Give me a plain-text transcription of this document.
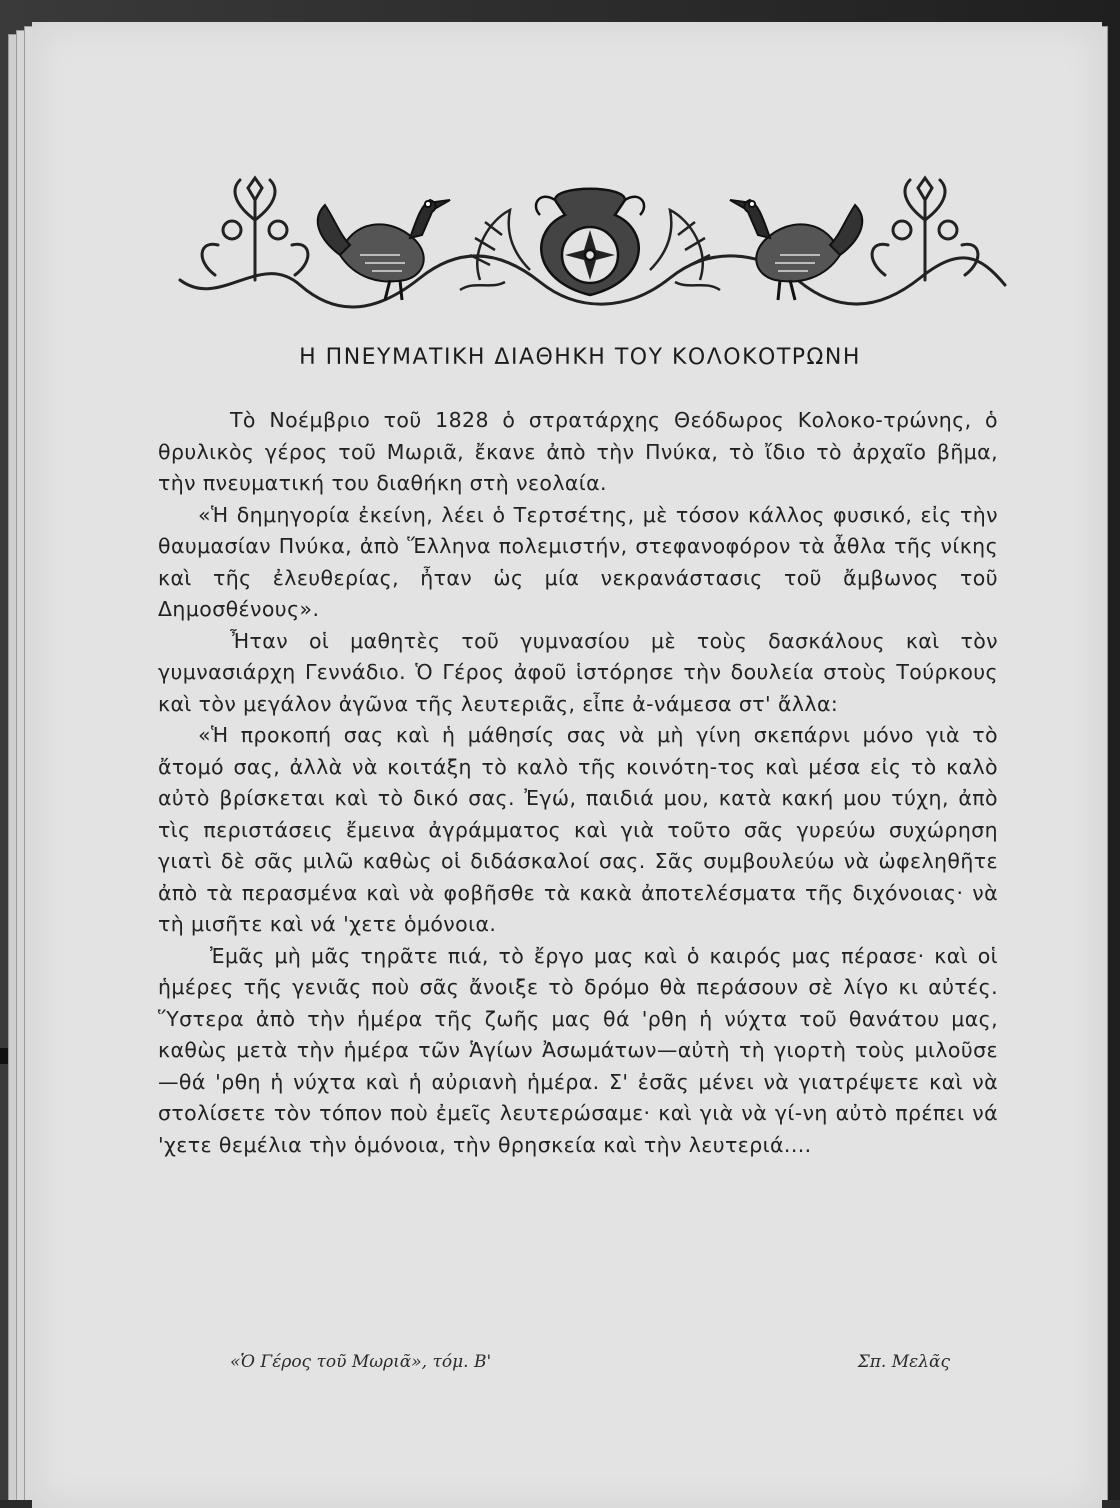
Η ΠΝΕΥΜΑΤΙΚΗ ΔΙΑΘΗΚΗ ΤΟΥ ΚΟΛΟΚΟΤΡΩΝΗ

Τὸ Νοέμβριο τοῦ 1828 ὁ στρατάρχης Θεόδωρος Κολοκο-τρώνης, ὁ θρυλικὸς γέρος τοῦ Μωριᾶ, ἔκανε ἀπὸ τὴν Πνύκα, τὸ ἴδιο τὸ ἀρχαῖο βῆμα, τὴν πνευματική του διαθήκη στὴ νεολαία.

«Ἡ δημηγορία ἐκείνη, λέει ὁ Τερτσέτης, μὲ τόσον κάλλος φυσικό, εἰς τὴν θαυμασίαν Πνύκα, ἀπὸ Ἕλληνα πολεμιστήν, στεφανοφόρον τὰ ἆθλα τῆς νίκης καὶ τῆς ἐλευθερίας, ἦταν ὡς μία νεκρανάστασις τοῦ ἄμβωνος τοῦ Δημοσθένους».

Ἦταν οἱ μαθητὲς τοῦ γυμνασίου μὲ τοὺς δασκάλους καὶ τὸν γυμνασιάρχη Γεννάδιο. Ὁ Γέρος ἀφοῦ ἱστόρησε τὴν δουλεία στοὺς Τούρκους καὶ τὸν μεγάλον ἀγῶνα τῆς λευτεριᾶς, εἶπε ἀ-νάμεσα στ' ἄλλα:

«Ἡ προκοπή σας καὶ ἡ μάθησίς σας νὰ μὴ γίνη σκεπάρνι μόνο γιὰ τὸ ἄτομό σας, ἀλλὰ νὰ κοιτάξη τὸ καλὸ τῆς κοινότη-τος καὶ μέσα εἰς τὸ καλὸ αὐτὸ βρίσκεται καὶ τὸ δικό σας. Ἐγώ, παιδιά μου, κατὰ κακή μου τύχη, ἀπὸ τὶς περιστάσεις ἔμεινα ἀγράμματος καὶ γιὰ τοῦτο σᾶς γυρεύω συχώρηση γιατὶ δὲ σᾶς μιλῶ καθὼς οἱ διδάσκαλοί σας. Σᾶς συμβουλεύω νὰ ὠφεληθῆτε ἀπὸ τὰ περασμένα καὶ νὰ φοβῆσθε τὰ κακὰ ἀποτελέσματα τῆς διχόνοιας· νὰ τὴ μισῆτε καὶ νά 'χετε ὁμόνοια.

Ἐμᾶς μὴ μᾶς τηρᾶτε πιά, τὸ ἔργο μας καὶ ὁ καιρός μας πέρασε· καὶ οἱ ἡμέρες τῆς γενιᾶς ποὺ σᾶς ἄνοιξε τὸ δρόμο θὰ περάσουν σὲ λίγο κι αὐτές. Ὕστερα ἀπὸ τὴν ἡμέρα τῆς ζωῆς μας θά 'ρθη ἡ νύχτα τοῦ θανάτου μας, καθὼς μετὰ τὴν ἡμέρα τῶν Ἁγίων Ἀσωμάτων—αὐτὴ τὴ γιορτὴ τοὺς μιλοῦσε—θά 'ρθη ἡ νύχτα καὶ ἡ αὐριανὴ ἡμέρα. Σ' ἐσᾶς μένει νὰ γιατρέψετε καὶ νὰ στολίσετε τὸν τόπον ποὺ ἐμεῖς λευτερώσαμε· καὶ γιὰ νὰ γί-νη αὐτὸ πρέπει νά 'χετε θεμέλια τὴν ὁμόνοια, τὴν θρησκεία καὶ τὴν λευτεριά....

«Ὁ Γέρος τοῦ Μωριᾶ», τόμ. Β'	Σπ. Μελᾶς
